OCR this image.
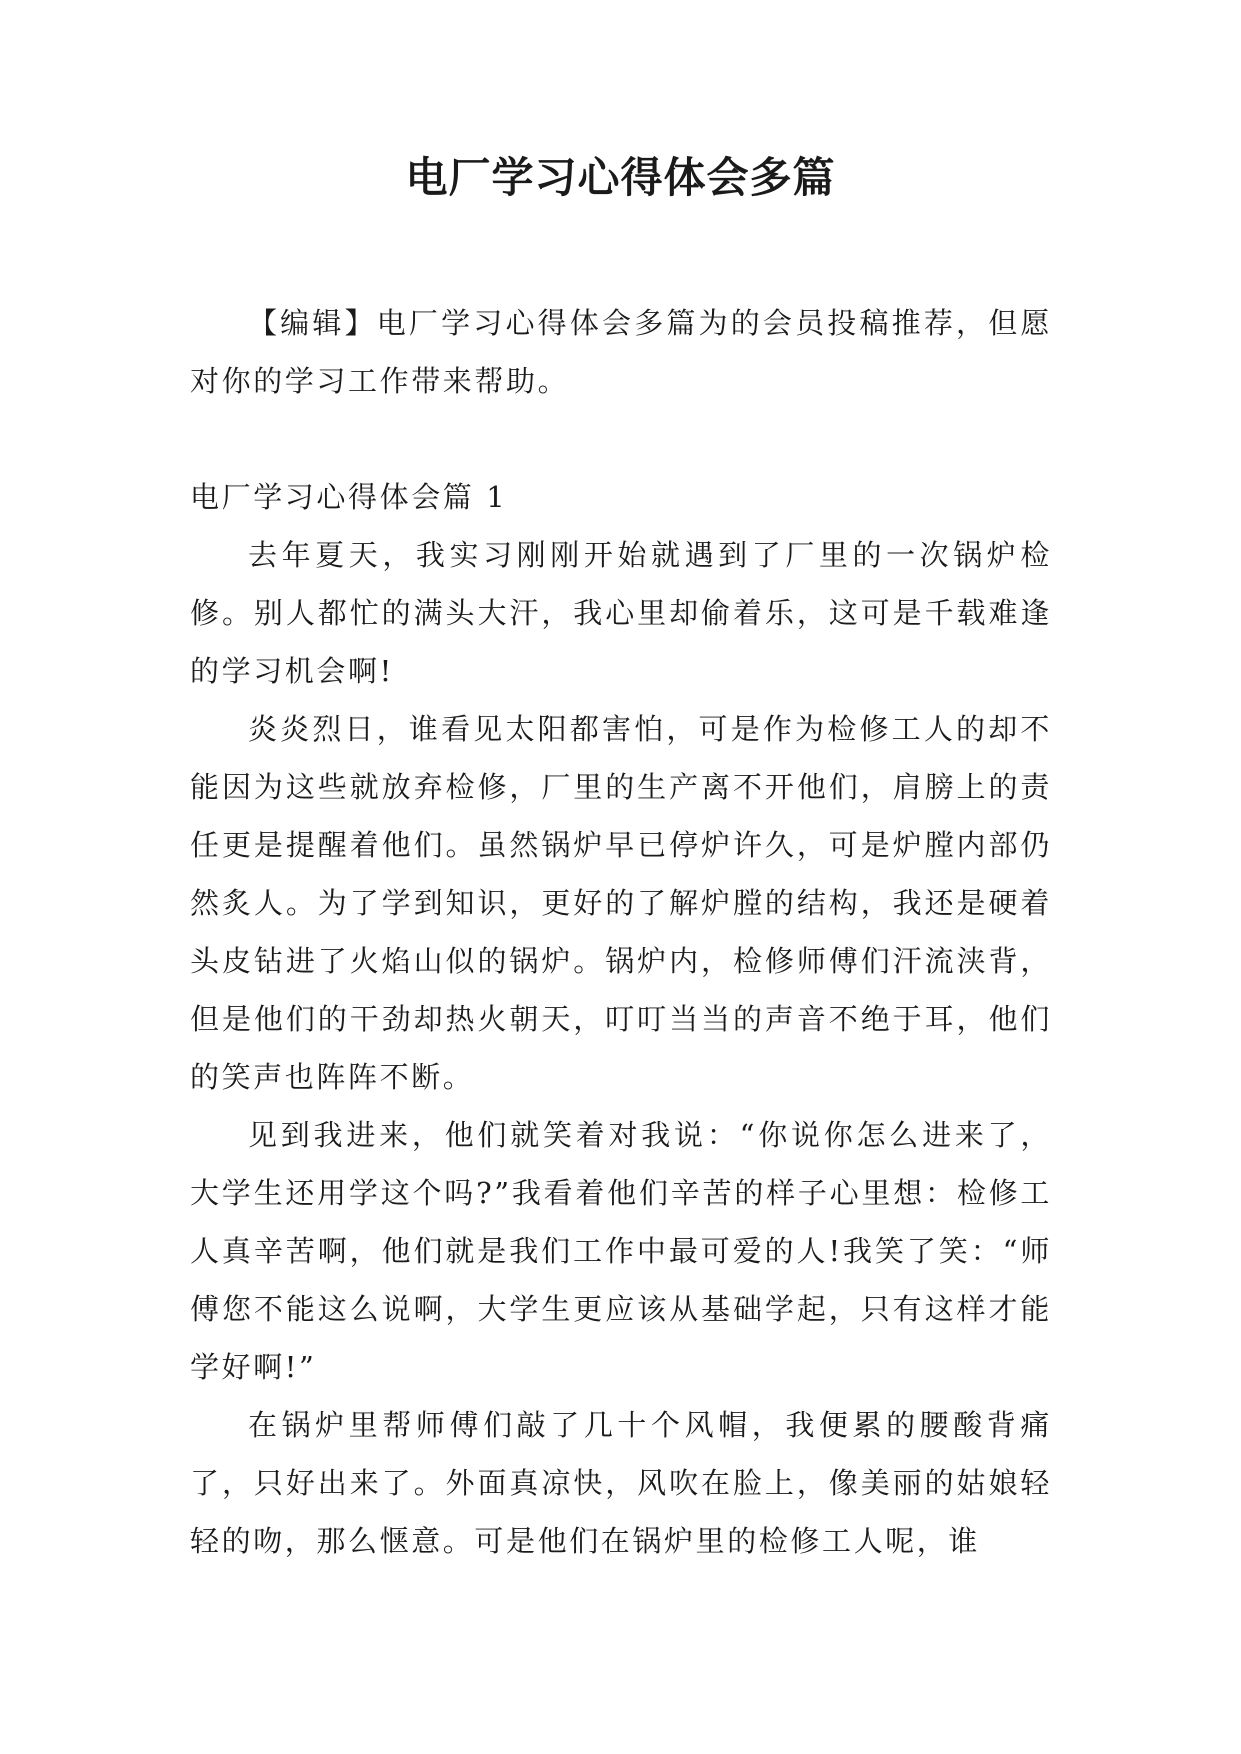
电厂学习心得体会多篇

【编辑】电厂学习心得体会多篇为的会员投稿推荐，但愿对你的学习工作带来帮助。

电厂学习心得体会篇 1

去年夏天，我实习刚刚开始就遇到了厂里的一次锅炉检修。别人都忙的满头大汗，我心里却偷着乐，这可是千载难逢的学习机会啊!

炎炎烈日，谁看见太阳都害怕，可是作为检修工人的却不能因为这些就放弃检修，厂里的生产离不开他们，肩膀上的责任更是提醒着他们。虽然锅炉早已停炉许久，可是炉膛内部仍然炙人。为了学到知识，更好的了解炉膛的结构，我还是硬着头皮钻进了火焰山似的锅炉。锅炉内，检修师傅们汗流浃背，但是他们的干劲却热火朝天，叮叮当当的声音不绝于耳，他们的笑声也阵阵不断。

见到我进来，他们就笑着对我说：“你说你怎么进来了，大学生还用学这个吗?”我看着他们辛苦的样子心里想：检修工人真辛苦啊，他们就是我们工作中最可爱的人!我笑了笑：“师傅您不能这么说啊，大学生更应该从基础学起，只有这样才能学好啊!”

在锅炉里帮师傅们敲了几十个风帽，我便累的腰酸背痛了，只好出来了。外面真凉快，风吹在脸上，像美丽的姑娘轻轻的吻，那么惬意。可是他们在锅炉里的检修工人呢，谁
